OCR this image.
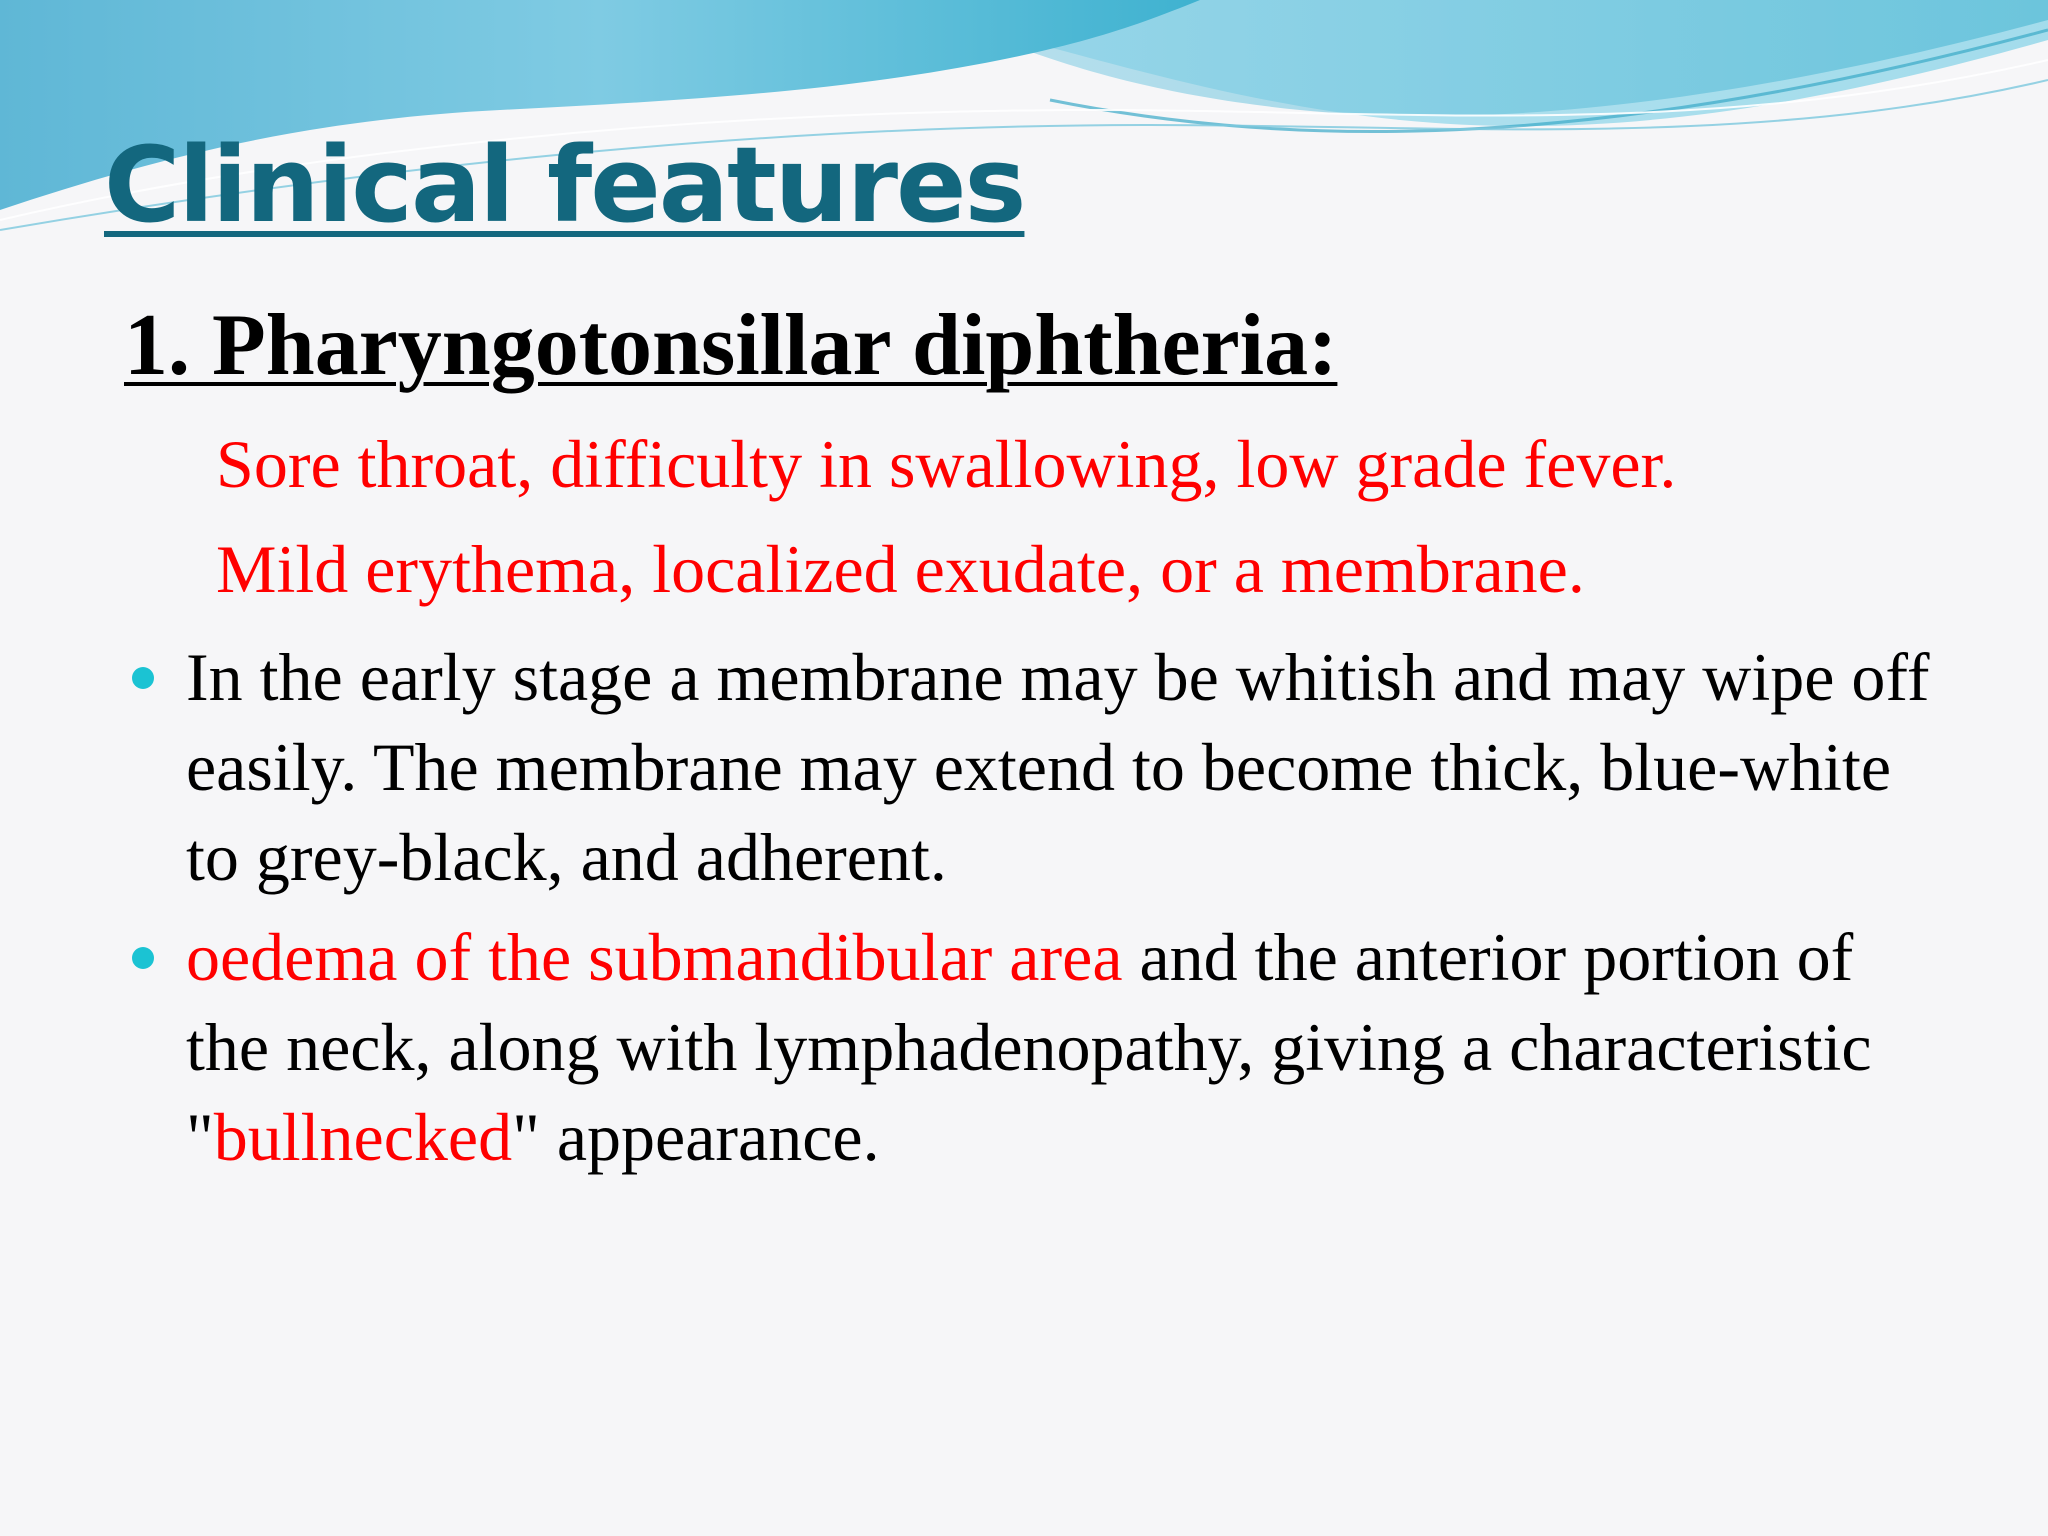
Clinical features
1. Pharyngotonsillar diphtheria:

Sore throat, difficulty in swallowing, low grade fever.

Mild erythema, localized exudate, or a membrane.

In the early stage a membrane may be whitish and may wipe off easily. The membrane may extend to become thick, blue-white to grey-black, and adherent.
oedema of the submandibular area and the anterior portion of the neck, along with lymphadenopathy, giving a characteristic "bullnecked" appearance.
